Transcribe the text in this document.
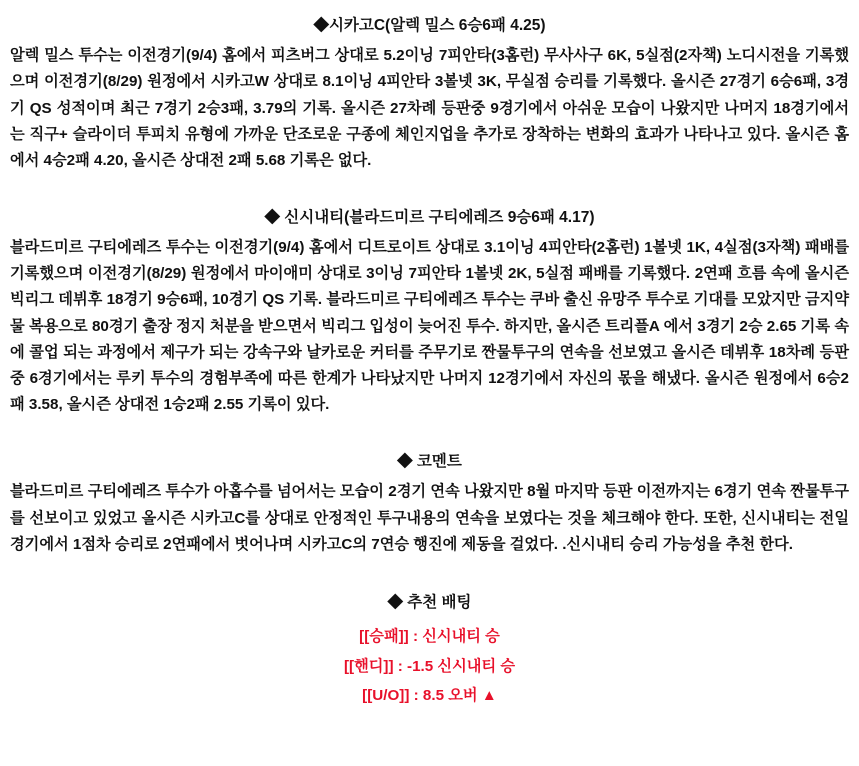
◆시카고C(알렉 밀스 6승6패 4.25)

알렉 밀스 투수는 이전경기(9/4) 홈에서 피츠버그 상대로 5.2이닝 7피안타(3홈런) 무사사구 6K, 5실점(2자책) 노디시전을 기록했으며 이전경기(8/29) 원정에서 시카고W 상대로 8.1이닝 4피안타 3볼넷 3K, 무실점 승리를 기록했다. 올시즌 27경기 6승6패, 3경기 QS 성적이며 최근 7경기 2승3패, 3.79의 기록. 올시즌 27차례 등판중 9경기에서 아쉬운 모습이 나왔지만 나머지 18경기에서는 직구+ 슬라이더 투피치 유형에 가까운 단조로운 구종에 체인지업을 추가로 장착하는 변화의 효과가 나타나고 있다. 올시즌 홈에서 4승2패 4.20, 올시즌 상대전 2패 5.68 기록은 없다.

◆ 신시내티(블라드미르 구티에레즈 9승6패 4.17)

블라드미르 구티에레즈 투수는 이전경기(9/4) 홈에서 디트로이트 상대로 3.1이닝 4피안타(2홈런) 1볼넷 1K, 4실점(3자책) 패배를 기록했으며 이전경기(8/29) 원정에서 마이애미 상대로 3이닝 7피안타 1볼넷 2K, 5실점 패배를 기록했다. 2연패 흐름 속에 올시즌 빅리그 데뷔후 18경기 9승6패, 10경기 QS 기록. 블라드미르 구티에레즈 투수는 쿠바 출신 유망주 투수로 기대를 모았지만 금지약물 복용으로 80경기 출장 정지 처분을 받으면서 빅리그 입성이 늦어진 투수. 하지만, 올시즌 트리플A 에서 3경기 2승 2.65 기록 속에 콜업 되는 과정에서 제구가 되는 강속구와 날카로운 커터를 주무기로 짠물투구의 연속을 선보였고 올시즌 데뷔후 18차례 등판중 6경기에서는 루키 투수의 경험부족에 따른 한계가 나타났지만 나머지 12경기에서 자신의 몫을 해냈다. 올시즌 원정에서 6승2패 3.58, 올시즌 상대전 1승2패 2.55 기록이 있다.

◆ 코멘트

블라드미르 구티에레즈 투수가 아홉수를 넘어서는 모습이 2경기 연속 나왔지만 8월 마지막 등판 이전까지는 6경기 연속 짠물투구를 선보이고 있었고 올시즌 시카고C를 상대로 안정적인 투구내용의 연속을 보였다는 것을 체크해야 한다. 또한, 신시내티는 전일 경기에서 1점차 승리로 2연패에서 벗어나며 시카고C의 7연승 행진에 제동을 걸었다. .신시내티 승리 가능성을 추천 한다.

◆ 추천 배팅

[[승패]] : 신시내티 승

[[핸디]] : -1.5 신시내티 승

[[U/O]] : 8.5 오버 ▲
